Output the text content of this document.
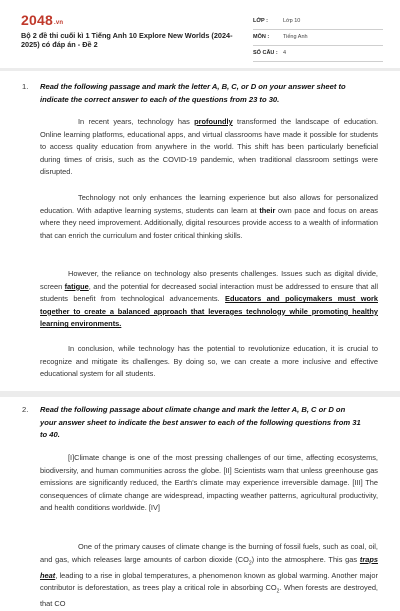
2048.vn
Bộ 2 đề thi cuối kì 1 Tiếng Anh 10 Explore New Worlds (2024-2025) có đáp án - Đề 2
LỚP :	Lớp 10
MÔN :	Tiếng Anh
SỐ CÂU : 4
1.	Read the following passage and mark the letter A, B, C, or D on your answer sheet to indicate the correct answer to each of the questions from 23 to 30.
In recent years, technology has profoundly transformed the landscape of education. Online learning platforms, educational apps, and virtual classrooms have made it possible for students to access quality education from anywhere in the world. This shift has been particularly beneficial during times of crisis, such as the COVID-19 pandemic, when traditional classroom settings were disrupted.
Technology not only enhances the learning experience but also allows for personalized education. With adaptive learning systems, students can learn at their own pace and focus on areas where they need improvement. Additionally, digital resources provide access to a wealth of information that can enrich the curriculum and foster critical thinking skills.
However, the reliance on technology also presents challenges. Issues such as digital divide, screen fatigue, and the potential for decreased social interaction must be addressed to ensure that all students benefit from technological advancements. Educators and policymakers must work together to create a balanced approach that leverages technology while promoting healthy learning environments.
In conclusion, while technology has the potential to revolutionize education, it is crucial to recognize and mitigate its challenges. By doing so, we can create a more inclusive and effective educational system for all students.
2.	Read the following passage about climate change and mark the letter A, B, C or D on your answer sheet to indicate the best answer to each of the following questions from 31 to 40.
[I]Climate change is one of the most pressing challenges of our time, affecting ecosystems, biodiversity, and human communities across the globe. [II] Scientists warn that unless greenhouse gas emissions are significantly reduced, the Earth's climate may experience irreversible damage. [III] The consequences of climate change are widespread, impacting weather patterns, agricultural productivity, and health conditions worldwide. [IV]
One of the primary causes of climate change is the burning of fossil fuels, such as coal, oil, and gas, which releases large amounts of carbon dioxide $(CO_2)$ into the atmosphere. This gas traps heat, leading to a rise in global temperatures, a phenomenon known as global warming. Another major contributor is deforestation, as trees play a critical role in absorbing $CO_2$. When forests are destroyed, that CO
